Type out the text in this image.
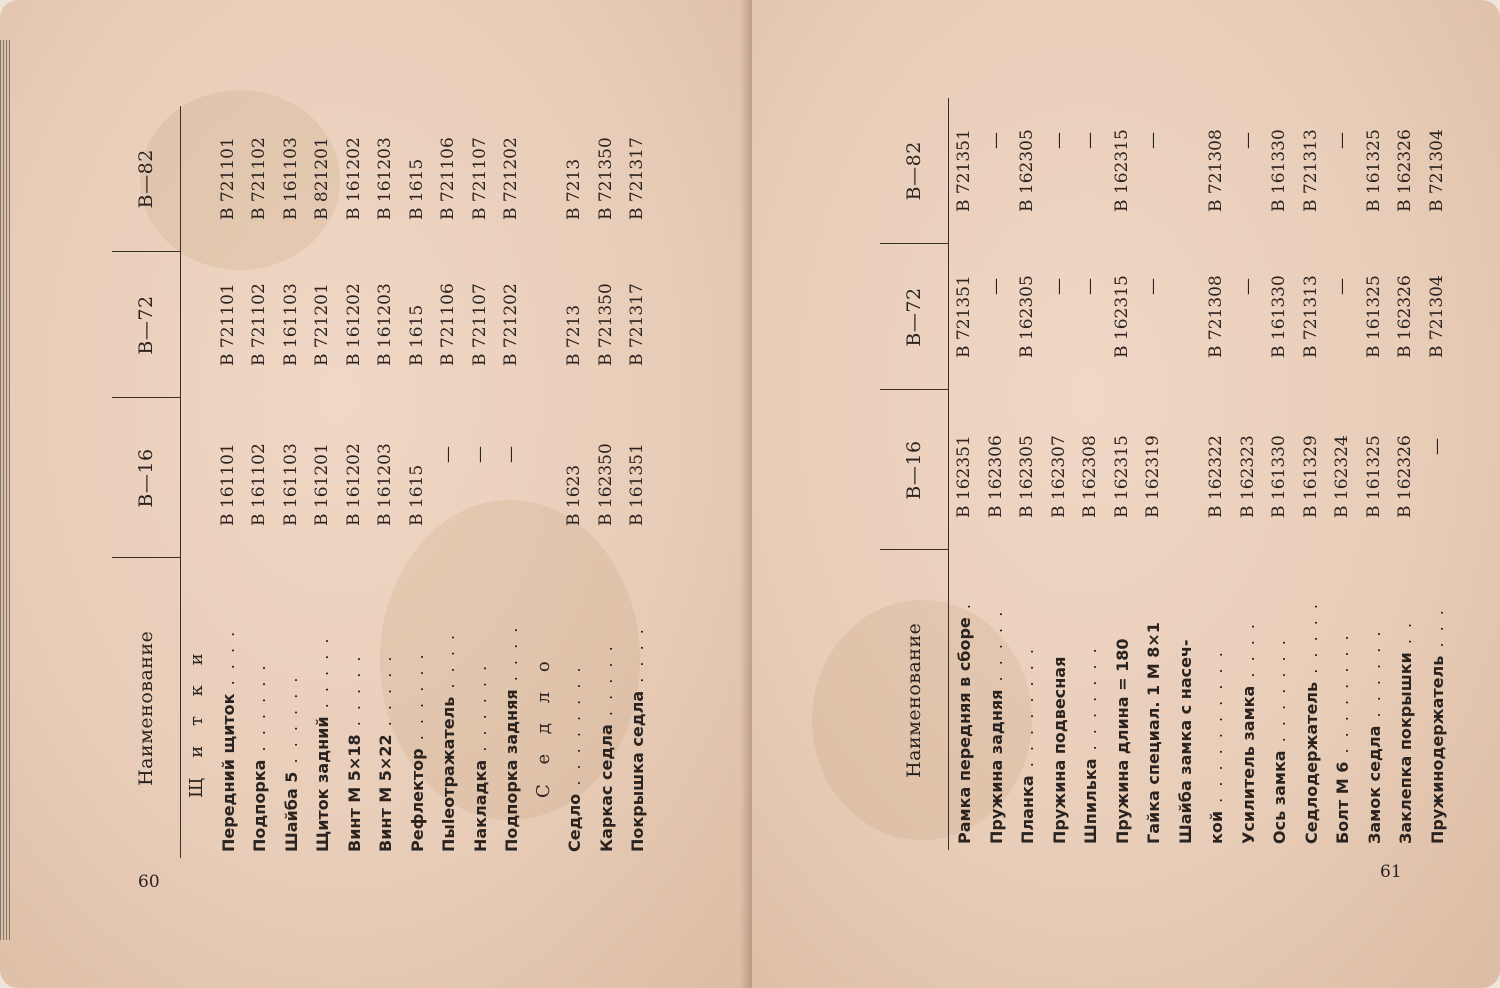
Наименование	В—16	В—72	В—82
Щ и т к и			
Передний щиток . . . .	В 161101	В 721101	В 721101
Подпорка . . . . . .	В 161102	В 721102	В 721102
Шайба 5 . . . . . .	В 161103	В 161103	В 161103
Щиток задний . . . . .	В 161201	В 721201	В 821201
Винт М 5×18 . . . . .	В 161202	В 161202	В 161202
Винт М 5×22 . . . . .	В 161203	В 161203	В 161203
Рефлектор . . . . . .	В 1615	В 1615	В 1615
Пыleотражатель . . . .	—	В 721106	В 721106
Накладка . . . . . .	—	В 721107	В 721107
Подпорка задняя . . . .	—	В 721202	В 721202
С е д л о			
Седло . . . . . . . .	В 1623	В 7213	В 7213
Каркас седла . . . . .	В 162350	В 721350	В 721350
Покрышка седла . . . .	В 161351	В 721317	В 721317
60
Наименование	В—16	В—72	В—82
Рамка передняя в сборе .	В 162351	В 721351	В 721351
Пружина задняя . . . . .	В 162306	—	—
Планка . . . . . . . .	В 162305	В 162305	В 162305
Пружина подвесная	В 162307	—	—
Шпилька . . . . . . .	В 162308	—	—
Пружина длина = 180	В 162315	В 162315	В 162315
Гайка специал. 1 М 8×1	В 162319	—	—
Шайба замка с насеч-			
кой . . . . . . . . . .	В 162322	В 721308	В 721308
Усилитель замка . . . .	В 162323	—	—
Ось замка . . . . . . .	В 161330	В 161330	В 161330
Седлодержатель . . . . .	В 161329	В 721313	В 721313
Болт М 6 . . . . . . . .	В 162324	—	—
Замок седла . . . . . .	В 161325	В 161325	В 161325
Заклепка покрышки . .	В 162326	В 162326	В 162326
Пружинодержатель . . .	—	В 721304	В 721304
61
